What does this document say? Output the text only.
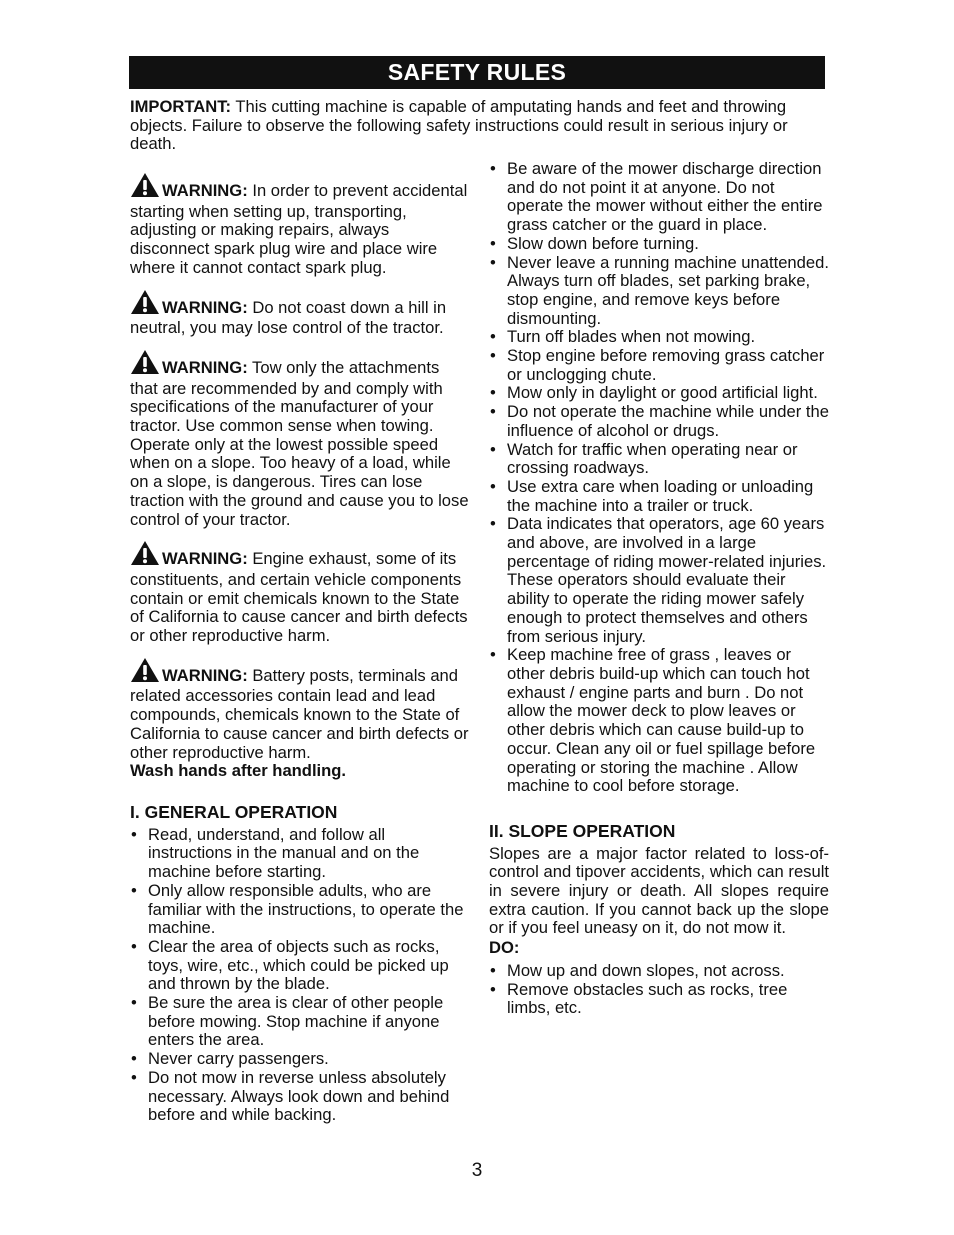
SAFETY RULES

IMPORTANT: This cutting machine is capable of amputating hands and feet and throwing objects. Failure to observe the following safety instructions could result in serious injury or death.

WARNING: In order to prevent accidental starting when setting up, transporting, adjusting or making repairs, always disconnect spark plug wire and place wire where it cannot contact spark plug.

WARNING: Do not coast down a hill in neutral, you may lose control of the tractor.

WARNING: Tow only the attachments that are recommended by and comply with specifications of the manufacturer of your tractor. Use common sense when towing. Operate only at the lowest possible speed when on a slope. Too heavy of a load, while on a slope, is dangerous. Tires can lose traction with the ground and cause you to lose control of your tractor.

WARNING: Engine exhaust, some of its constituents, and certain vehicle components contain or emit chemicals known to the State of California to cause cancer and birth defects or other reproductive harm.

WARNING: Battery posts, terminals and related accessories contain lead and lead compounds, chemicals known to the State of California to cause cancer and birth defects or other reproductive harm.
Wash hands after handling.

I. GENERAL OPERATION
• Read, understand, and follow all instructions in the manual and on the machine before starting.
• Only allow responsible adults, who are familiar with the instructions, to operate the machine.
• Clear the area of objects such as rocks, toys, wire, etc., which could be picked up and thrown by the blade.
• Be sure the area is clear of other people before mowing. Stop machine if anyone enters the area.
• Never carry passengers.
• Do not mow in reverse unless absolutely necessary. Always look down and behind before and while backing.
• Be aware of the mower discharge direction and do not point it at anyone. Do not operate the mower without either the entire grass catcher or the guard in place.
• Slow down before turning.
• Never leave a running machine unattended. Always turn off blades, set parking brake, stop engine, and remove keys before dismounting.
• Turn off blades when not mowing.
• Stop engine before removing grass catcher or unclogging chute.
• Mow only in daylight or good artificial light.
• Do not operate the machine while under the influence of alcohol or drugs.
• Watch for traffic when operating near or crossing roadways.
• Use extra care when loading or unloading the machine into a trailer or truck.
• Data indicates that operators, age 60 years and above, are involved in a large percentage of riding mower-related injuries. These operators should evaluate their ability to operate the riding mower safely enough to protect themselves and others from serious injury.
• Keep machine free of grass , leaves or other debris build-up which can touch hot exhaust / engine parts and burn . Do not allow the mower deck to plow leaves or other debris which can cause build-up to occur. Clean any oil or fuel spillage before operating or storing the machine . Allow machine to cool before storage.
II. SLOPE OPERATION

Slopes are a major factor related to loss-of-control and tipover accidents, which can result in severe injury or death. All slopes require extra caution. If you cannot back up the slope or if you feel uneasy on it, do not mow it.

DO:
• Mow up and down slopes, not across.
• Remove obstacles such as rocks, tree limbs, etc.
3
